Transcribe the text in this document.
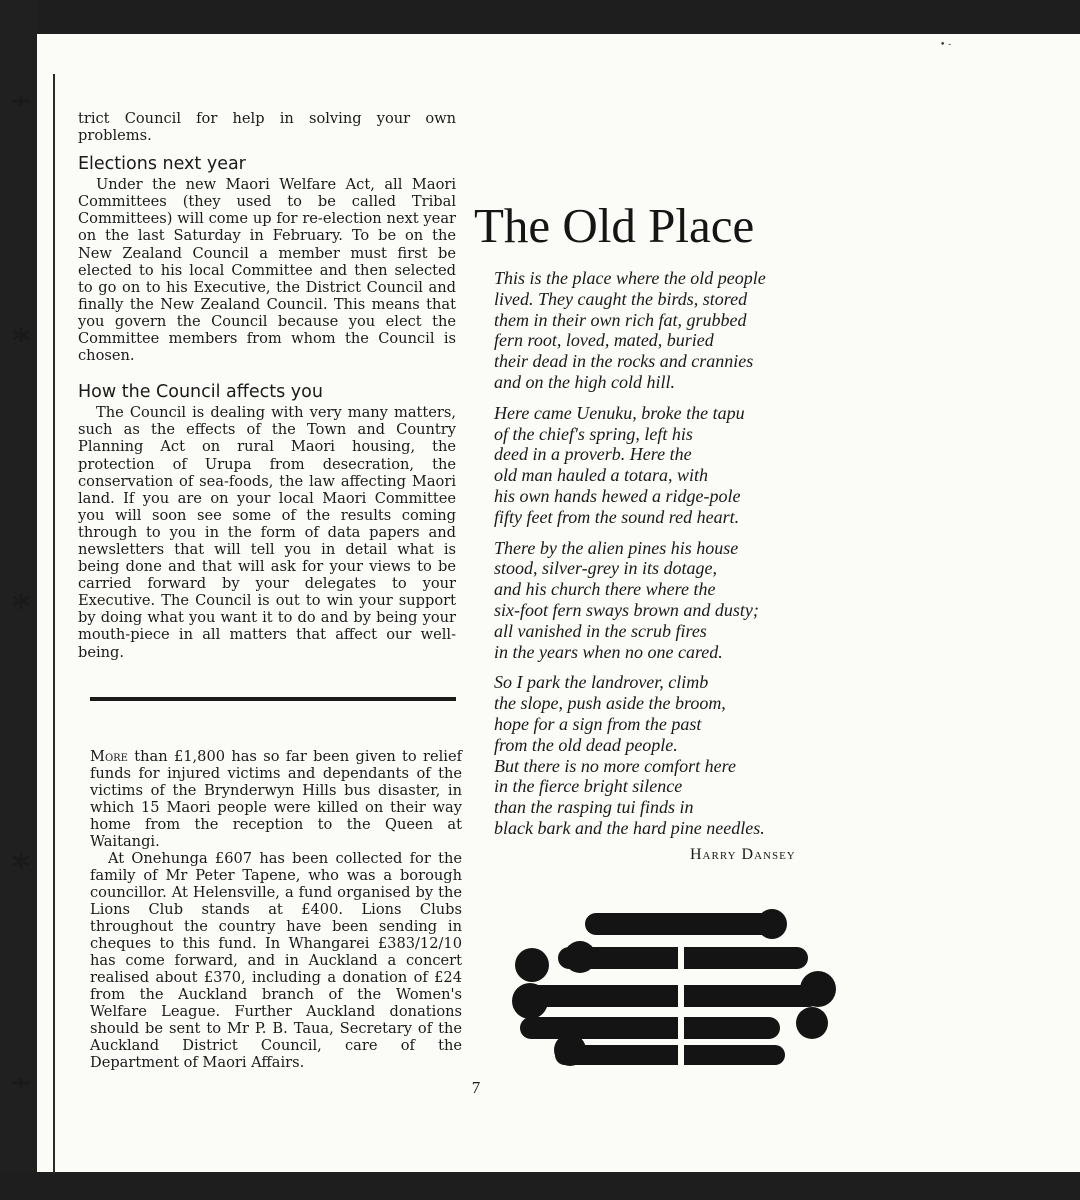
• -

trict Council for help in solving your own problems.

Elections next year

Under the new Maori Welfare Act, all Maori Committees (they used to be called Tribal Committees) will come up for re-election next year on the last Saturday in February. To be on the New Zealand Council a member must first be elected to his local Committee and then selected to go on to his Executive, the District Council and finally the New Zealand Council. This means that you govern the Council because you elect the Committee members from whom the Council is chosen.

How the Council affects you

The Council is dealing with very many matters, such as the effects of the Town and Country Planning Act on rural Maori housing, the protection of Urupa from desecration, the conservation of sea-foods, the law affecting Maori land. If you are on your local Maori Committee you will soon see some of the results coming through to you in the form of data papers and newsletters that will tell you in detail what is being done and that will ask for your views to be carried forward by your delegates to your Executive. The Council is out to win your support by doing what you want it to do and by being your mouth-piece in all matters that affect our well-being.

More than £1,800 has so far been given to relief funds for injured victims and dependants of the victims of the Brynderwyn Hills bus disaster, in which 15 Maori people were killed on their way home from the reception to the Queen at Waitangi.

At Onehunga £607 has been collected for the family of Mr Peter Tapene, who was a borough councillor. At Helensville, a fund organised by the Lions Club stands at £400. Lions Clubs throughout the country have been sending in cheques to this fund. In Whangarei £383/12/10 has come forward, and in Auckland a concert realised about £370, including a donation of £24 from the Auckland branch of the Women's Welfare League. Further Auckland donations should be sent to Mr P. B. Taua, Secretary of the Auckland District Council, care of the Department of Maori Affairs.

The Old Place
This is the place where the old people
lived. They caught the birds, stored
them in their own rich fat, grubbed
fern root, loved, mated, buried
their dead in the rocks and crannies
and on the high cold hill.
Here came Uenuku, broke the tapu
of the chief's spring, left his
deed in a proverb. Here the
old man hauled a totara, with
his own hands hewed a ridge-pole
fifty feet from the sound red heart.
There by the alien pines his house
stood, silver-grey in its dotage,
and his church there where the
six-foot fern sways brown and dusty;
all vanished in the scrub fires
in the years when no one cared.
So I park the landrover, climb
the slope, push aside the broom,
hope for a sign from the past
from the old dead people.
But there is no more comfort here
in the fierce bright silence
than the rasping tui finds in
black bark and the hard pine needles.
Harry Dansey
7
